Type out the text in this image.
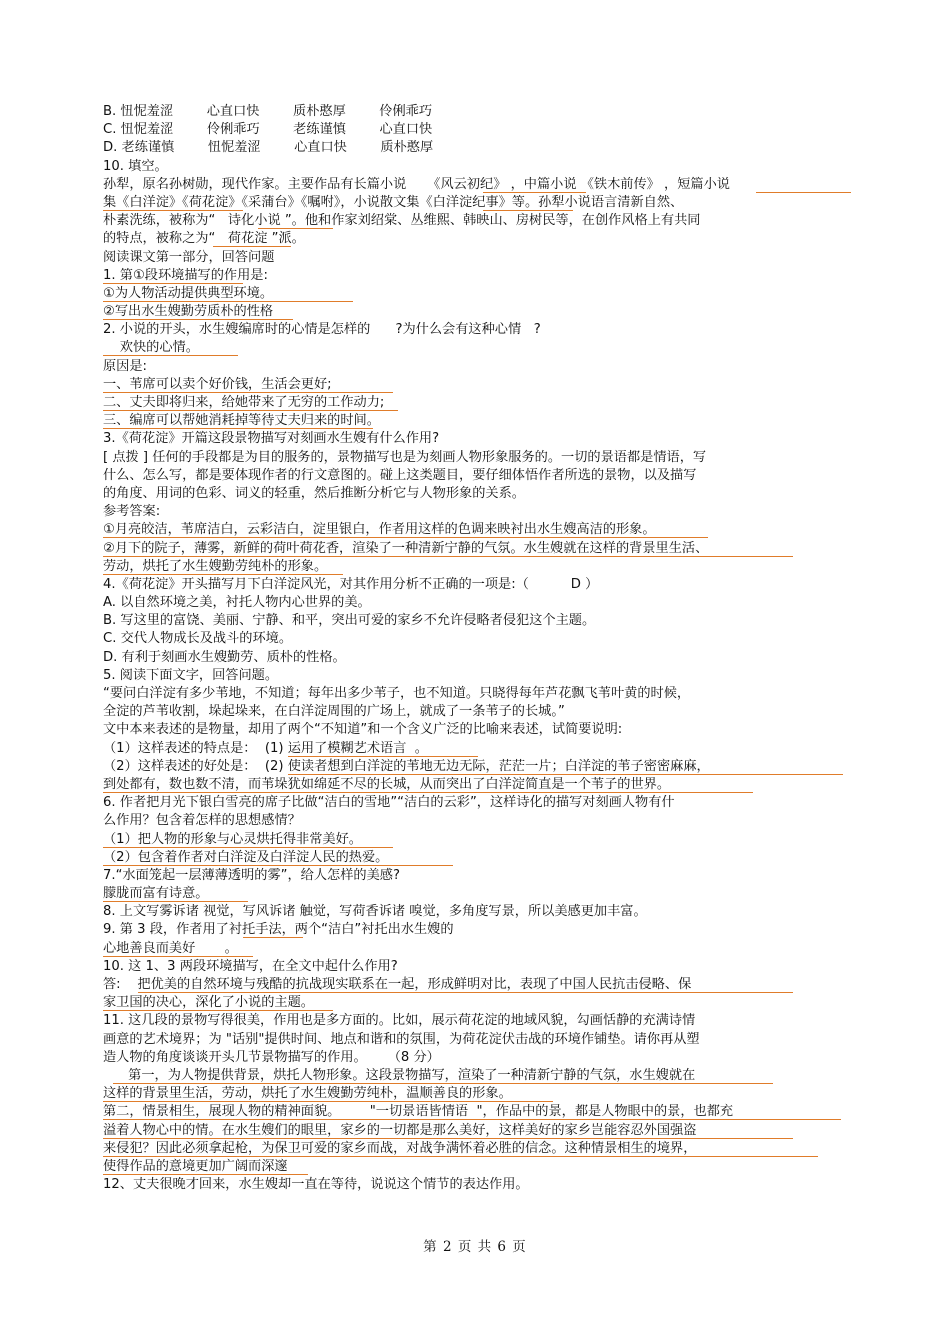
B. 忸怩羞涩        心直口快        质朴憨厚        伶俐乖巧
C. 忸怩羞涩        伶俐乖巧        老练谨慎        心直口快
D. 老练谨慎        忸怩羞涩        心直口快        质朴憨厚
10. 填空。
孙犁，原名孙树勋，现代作家。主要作品有长篇小说     《风云初纪》 ，中篇小说 《铁木前传》 ，短篇小说
集《白洋淀》《荷花淀》《采蒲台》《嘱咐》，小说散文集《白洋淀纪事》等。孙犁小说语言清新自然、
朴素洗练，被称为“   诗化小说 ”。他和作家刘绍棠、丛维熙、韩映山、房树民等，在创作风格上有共同
的特点，被称之为“   荷花淀 ”派。
阅读课文第一部分，回答问题
1. 第①段环境描写的作用是:
①为人物活动提供典型环境。
②写出水生嫂勤劳质朴的性格
2. 小说的开头，水生嫂编席时的心情是怎样的      ?为什么会有这种心情   ?
欢快的心情。
原因是:
一、苇席可以卖个好价钱，生活会更好;
二、丈夫即将归来，给她带来了无穷的工作动力;
三、编席可以帮她消耗掉等待丈夫归来的时间。
3.《荷花淀》开篇这段景物描写对刻画水生嫂有什么作用?
[ 点拨 ] 任何的手段都是为目的服务的，景物描写也是为刻画人物形象服务的。一切的景语都是情语，写
什么、怎么写，都是要体现作者的行文意图的。碰上这类题目，要仔细体悟作者所选的景物，以及描写
的角度、用词的色彩、词义的轻重，然后推断分析它与人物形象的关系。
参考答案:
①月亮皎洁，苇席洁白，云彩洁白，淀里银白，作者用这样的色调来映衬出水生嫂高洁的形象。
②月下的院子，薄雾，新鲜的荷叶荷花香，渲染了一种清新宁静的气氛。水生嫂就在这样的背景里生活、
劳动，烘托了水生嫂勤劳纯朴的形象。
4.《荷花淀》开头描写月下白洋淀风光，对其作用分析不正确的一项是:（          D ）
A. 以自然环境之美，衬托人物内心世界的美。
B. 写这里的富饶、美丽、宁静、和平，突出可爱的家乡不允许侵略者侵犯这个主题。
C. 交代人物成长及战斗的环境。
D. 有利于刻画水生嫂勤劳、质朴的性格。
5. 阅读下面文字，回答问题。
“要问白洋淀有多少苇地，不知道；每年出多少苇子，也不知道。只晓得每年芦花飘飞苇叶黄的时候，
全淀的芦苇收割，垛起垛来，在白洋淀周围的广场上，就成了一条苇子的长城。”
文中本来表述的是物量，却用了两个“不知道”和一个含义广泛的比喻来表述，试简要说明:
（1）这样表述的特点是：  (1) 运用了模糊艺术语言  。
（2）这样表述的好处是：  (2) 使读者想到白洋淀的苇地无边无际，茫茫一片；白洋淀的苇子密密麻麻，
到处都有，数也数不清，而苇垛犹如绵延不尽的长城，从而突出了白洋淀简直是一个苇子的世界。
6. 作者把月光下银白雪亮的席子比做“洁白的雪地”“洁白的云彩”，这样诗化的描写对刻画人物有什
么作用？包含着怎样的思想感情？
（1）把人物的形象与心灵烘托得非常美好。
（2）包含着作者对白洋淀及白洋淀人民的热爱。
7.“水面笼起一层薄薄透明的雾”，给人怎样的美感?
朦胧而富有诗意。
8. 上文写雾诉诸 视觉，写风诉诸 触觉，写荷香诉诸 嗅觉，多角度写景，所以美感更加丰富。
9. 第 3 段，作者用了衬托手法，两个“洁白”衬托出水生嫂的
心地善良而美好       。
10. 这 1、3 两段环境描写，在全文中起什么作用?
答:    把优美的自然环境与残酷的抗战现实联系在一起，形成鲜明对比，表现了中国人民抗击侵略、保
家卫国的决心，深化了小说的主题。
11. 这几段的景物写得很美，作用也是多方面的。比如，展示荷花淀的地域风貌，勾画恬静的充满诗情
画意的艺术境界；为 "话别"提供时间、地点和谐和的氛围，为荷花淀伏击战的环境作铺垫。请你再从塑
造人物的角度谈谈开头几节景物描写的作用。     （8 分）
第一，为人物提供背景，烘托人物形象。这段景物描写，渲染了一种清新宁静的气氛，水生嫂就在
这样的背景里生活，劳动，烘托了水生嫂勤劳纯朴，温顺善良的形象。
第二，情景相生，展现人物的精神面貌。       "一切景语皆情语  "，作品中的景，都是人物眼中的景，也都充
溢着人物心中的情。在水生嫂们的眼里，家乡的一切都是那么美好，这样美好的家乡岂能容忍外国强盗
来侵犯？因此必须拿起枪，为保卫可爱的家乡而战，对战争满怀着必胜的信念。这种情景相生的境界，
使得作品的意境更加广阔而深邃
12、丈夫很晚才回来，水生嫂却一直在等待，说说这个情节的表达作用。
第 2 页 共 6 页
